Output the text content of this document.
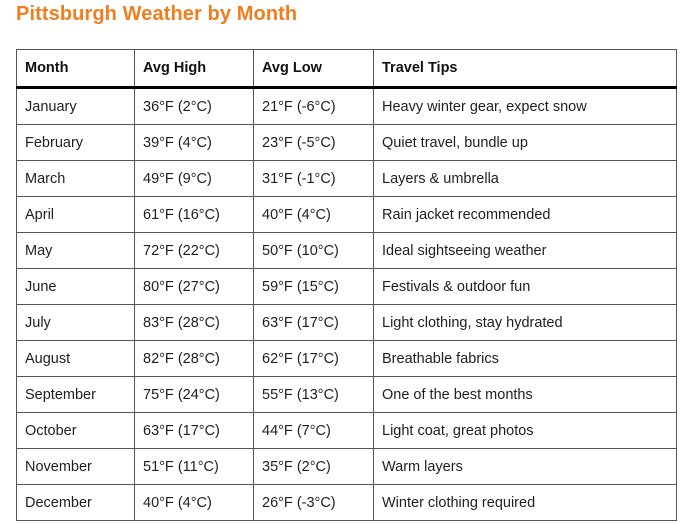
Pittsburgh Weather by Month
Month	Avg High	Avg Low	Travel Tips
January	36°F (2°C)	21°F (-6°C)	Heavy winter gear, expect snow
February	39°F (4°C)	23°F (-5°C)	Quiet travel, bundle up
March	49°F (9°C)	31°F (-1°C)	Layers & umbrella
April	61°F (16°C)	40°F (4°C)	Rain jacket recommended
May	72°F (22°C)	50°F (10°C)	Ideal sightseeing weather
June	80°F (27°C)	59°F (15°C)	Festivals & outdoor fun
July	83°F (28°C)	63°F (17°C)	Light clothing, stay hydrated
August	82°F (28°C)	62°F (17°C)	Breathable fabrics
September	75°F (24°C)	55°F (13°C)	One of the best months
October	63°F (17°C)	44°F (7°C)	Light coat, great photos
November	51°F (11°C)	35°F (2°C)	Warm layers
December	40°F (4°C)	26°F (-3°C)	Winter clothing required
